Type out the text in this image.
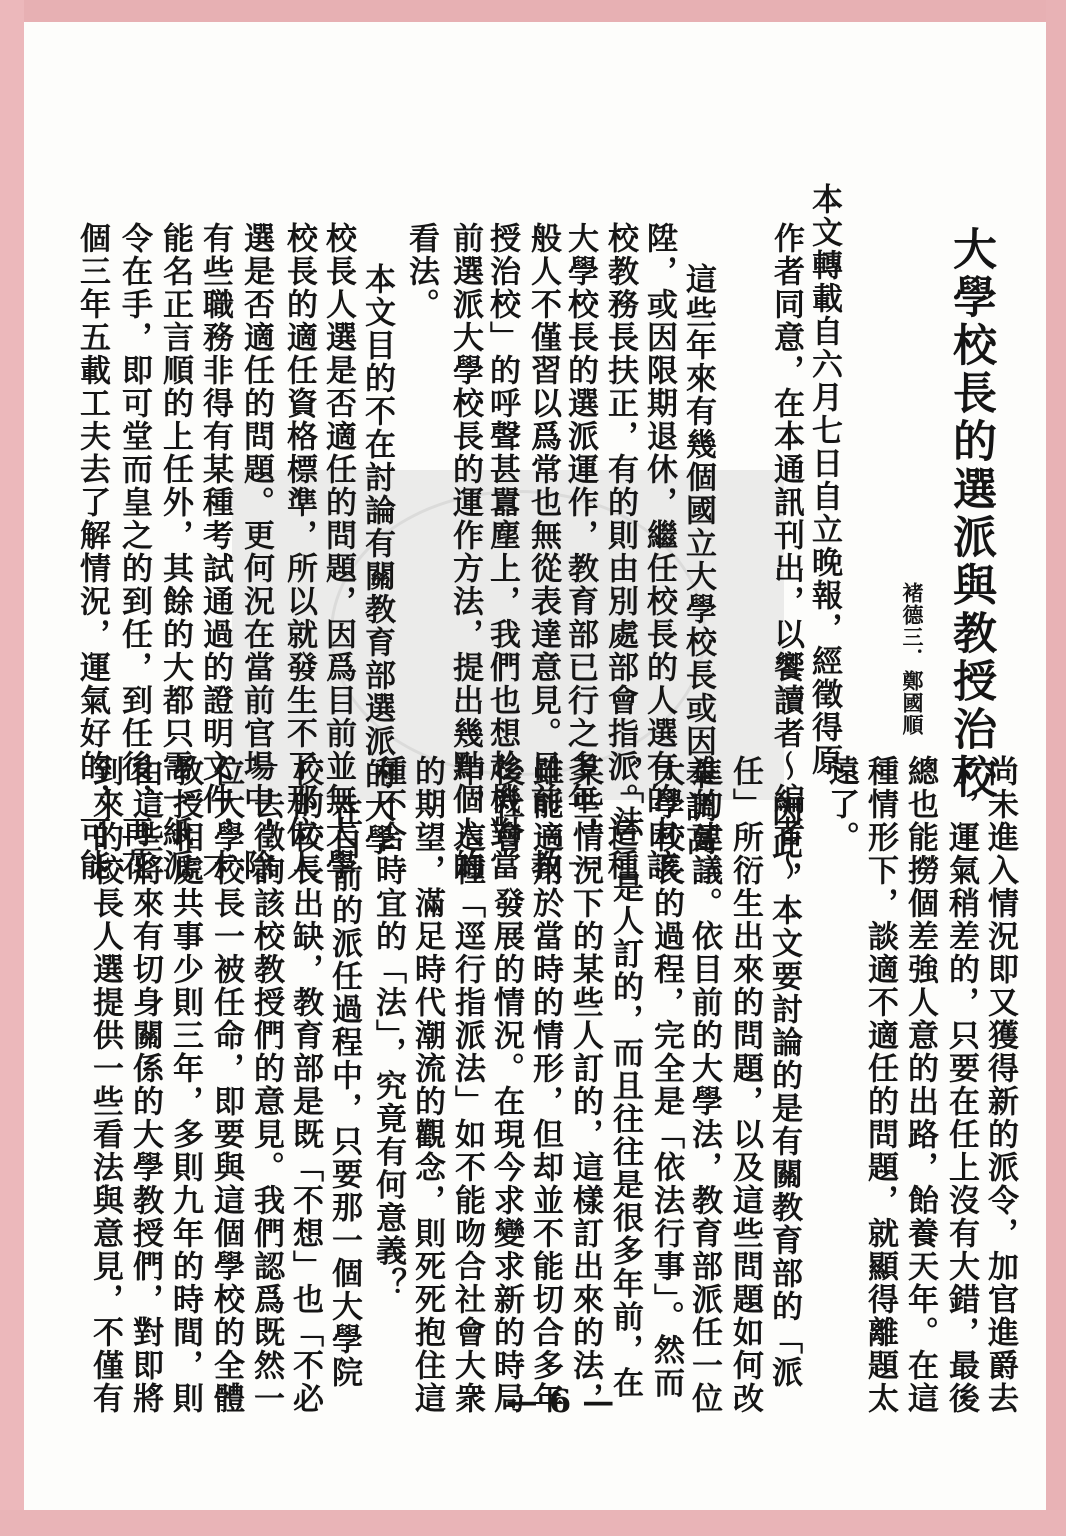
大學校長的選派與教授治校
褚德三．鄭國順
本文轉載自六月七日自立晚報，經徵得原
作者同意，在本通訊刊出，以饗讀者〜編者〜
這些年來有幾個國立大學校長或因奉調高
陞，或因限期退休，繼任校長的人選有的由該
校教務長扶正，有的則由別處部會指派。這種
大學校長的選派運作，教育部已行之多年，一
般人不僅習以爲常也無從表達意見。目前「教
授治校」的呼聲甚囂塵上，我們也想趁機對當
前選派大學校長的運作方法，提出幾點個人的
看法。
本文目的不在討論有關教育部選派的大學
校長人選是否適任的問題，因爲目前並無大學
校長的適任資格標準，所以就發生不了那位人
選是否適任的問題。更何況在當前官場中，除
有些職務非得有某種考試通過的證明文件，才
能名正言順的上任外，其餘的大都只需一紙派
令在手，即可堂而皇之的到任，到任後，再花
個三年五載工夫去了解情況，運氣好的，可能
尚未進入情況即又獲得新的派令，加官進爵去
了，運氣稍差的，只要在任上沒有大錯，最後
總也能撈個差強人意的出路，飴養天年。在這
種情形下，談適不適任的問題，就顯得離題太
遠了。
因此，本文要討論的是有關教育部的「派
任」所衍生出來的問題，以及這些問題如何改
進的建議。依目前的大學法，教育部派任一位
大學校長的過程，完全是「依法行事」。然而
，「法」是人訂的，而且往往是很多年前，在
某些情況下的某些人訂的，這樣訂出來的法，
雖能適用於當時的情形，但却並不能切合多年
後社會　發展的情況。在現今求變求新的時局
中，這種「逕行指派法」如不能吻合社會大衆
的期望，滿足時代潮流的觀念，則死死抱住這
種不合時宜的「法」，究竟有何意義？
在目前的派任過程中，只要那一個大學院
校的校長出缺，教育部是既「不想」也「不必
」去徵詢該校教授們的意見。我們認爲既然一
位大學校長一被任命，即要與這個學校的全體
教授相處共事少則三年，多則九年的時間，則
由這些將來有切身關係的大學教授們，對即將
到來的校長人選提供一些看法與意見，不僅有	— 6 —
